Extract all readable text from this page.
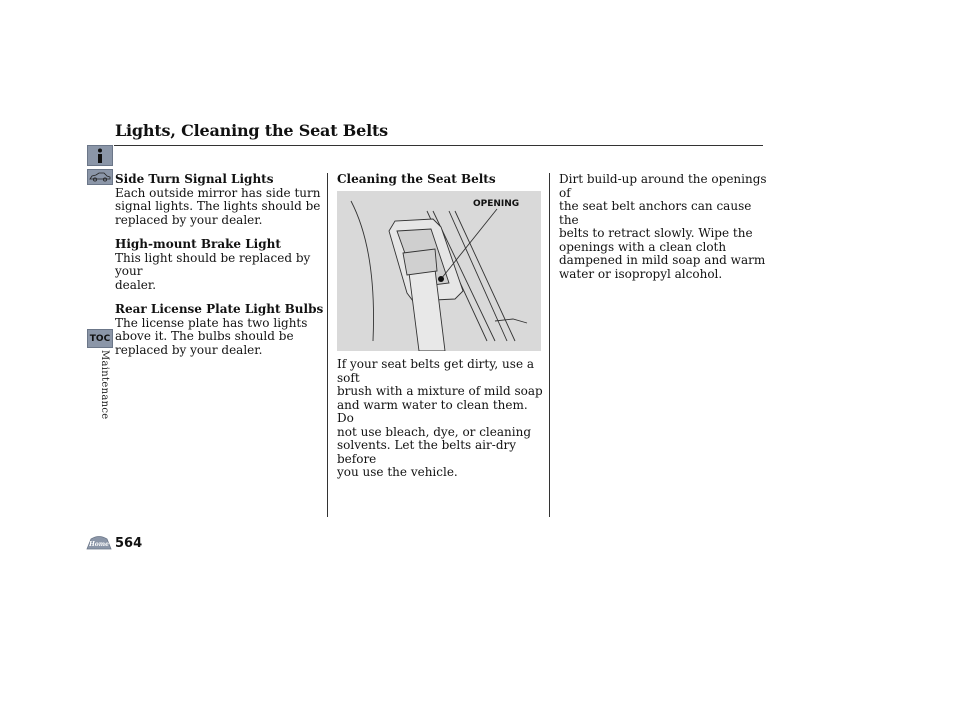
Lights, Cleaning the Seat Belts
TOC
Maintenance
Home 564

Side Turn Signal Lights

Each outside mirror has side turn

signal lights. The lights should be

replaced by your dealer.

High-mount Brake Light

This light should be replaced by your

dealer.

Rear License Plate Light Bulbs

The license plate has two lights

above it. The bulbs should be

replaced by your dealer.

Cleaning the Seat Belts

OPENING

If your seat belts get dirty, use a soft

brush with a mixture of mild soap

and warm water to clean them. Do

not use bleach, dye, or cleaning

solvents. Let the belts air-dry before

you use the vehicle.

Dirt build-up around the openings of

the seat belt anchors can cause the

belts to retract slowly. Wipe the

openings with a clean cloth

dampened in mild soap and warm

water or isopropyl alcohol.
